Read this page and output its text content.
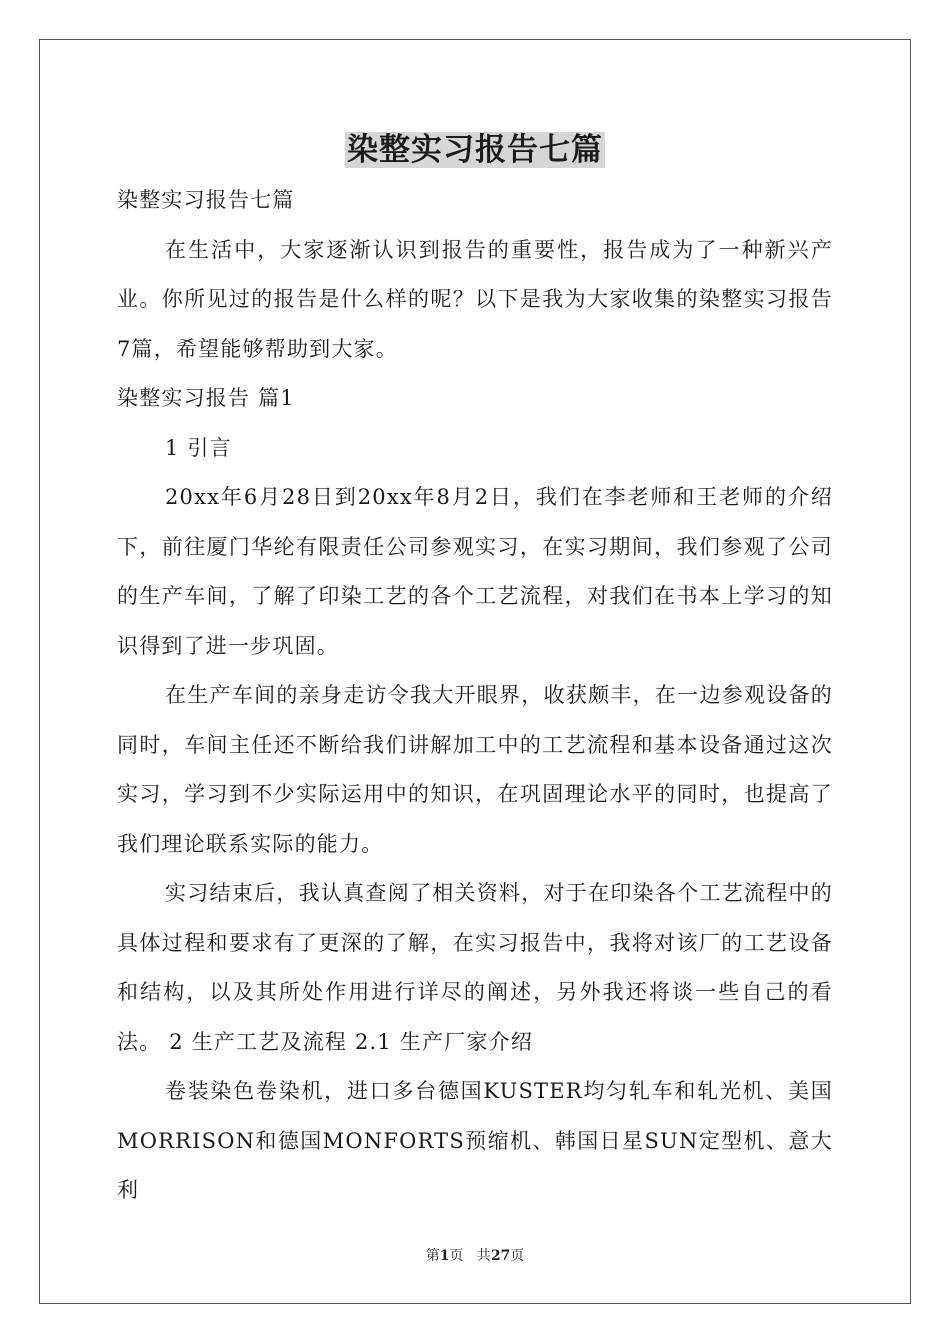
染整实习报告七篇

染整实习报告七篇

在生活中，大家逐渐认识到报告的重要性，报告成为了一种新兴产业。你所见过的报告是什么样的呢？以下是我为大家收集的染整实习报告7篇，希望能够帮助到大家。

染整实习报告 篇1

1 引言

20xx年6月28日到20xx年8月2日，我们在李老师和王老师的介绍下，前往厦门华纶有限责任公司参观实习，在实习期间，我们参观了公司的生产车间，了解了印染工艺的各个工艺流程，对我们在书本上学习的知识得到了进一步巩固。

在生产车间的亲身走访令我大开眼界，收获颇丰，在一边参观设备的同时，车间主任还不断给我们讲解加工中的工艺流程和基本设备通过这次实习，学习到不少实际运用中的知识，在巩固理论水平的同时，也提高了我们理论联系实际的能力。

实习结束后，我认真查阅了相关资料，对于在印染各个工艺流程中的具体过程和要求有了更深的了解，在实习报告中，我将对该厂的工艺设备和结构，以及其所处作用进行详尽的阐述，另外我还将谈一些自己的看法。 2 生产工艺及流程 2.1 生产厂家介绍

卷装染色卷染机，进口多台德国KUSTER均匀轧车和轧光机、美国MORRISON和德国MONFORTS预缩机、韩国日星SUN定型机、意大利

第1页   共27页
